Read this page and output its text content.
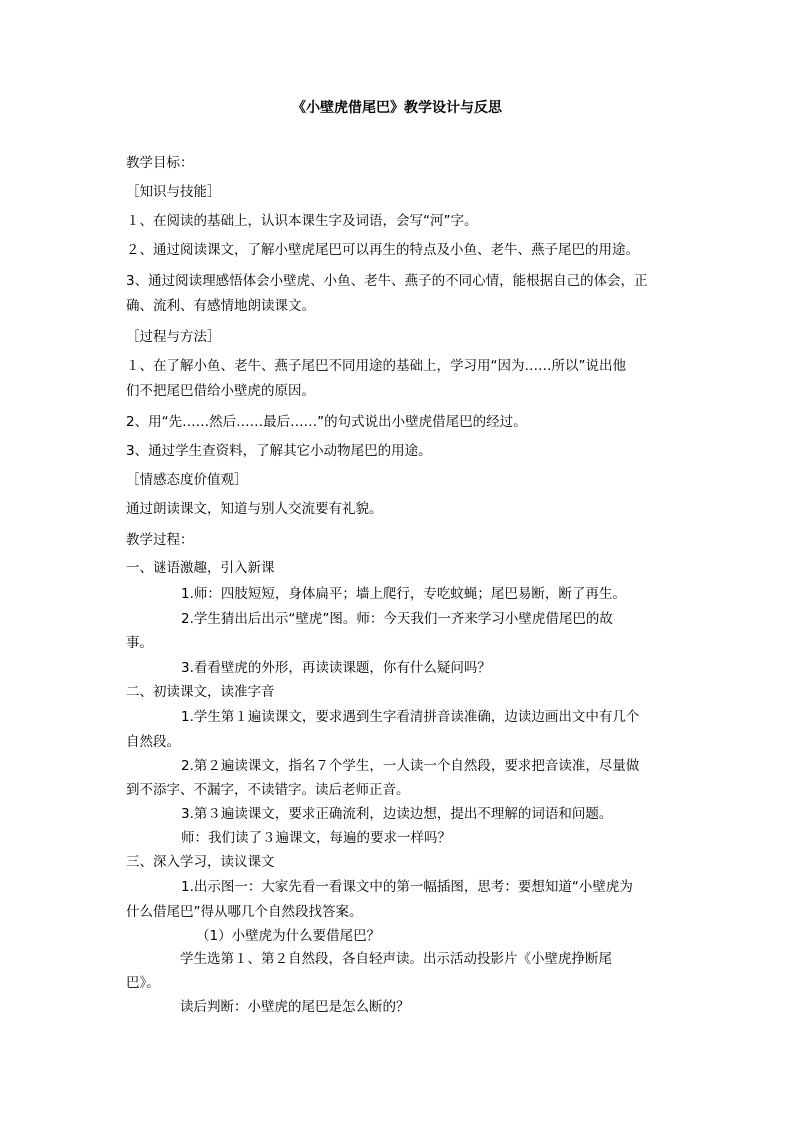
《小壁虎借尾巴》教学设计与反思
教学目标：
［知识与技能］
１、在阅读的基础上，认识本课生字及词语，会写“河”字。
２、通过阅读课文，了解小壁虎尾巴可以再生的特点及小鱼、老牛、燕子尾巴的用途。
3、通过阅读理感悟体会小壁虎、小鱼、老牛、燕子的不同心情，能根据自己的体会，正
确、流利、有感情地朗读课文。
［过程与方法］
１、在了解小鱼、老牛、燕子尾巴不同用途的基础上，学习用“因为……所以”说出他
们不把尾巴借给小壁虎的原因。
2、用“先……然后……最后……”的句式说出小壁虎借尾巴的经过。
3、通过学生查资料，了解其它小动物尾巴的用途。
［情感态度价值观］
通过朗读课文，知道与别人交流要有礼貌。
教学过程：
一、谜语激趣，引入新课
1.师：四肢短短，身体扁平；墙上爬行，专吃蚊蝇；尾巴易断，断了再生。
2.学生猜出后出示“壁虎”图。师：今天我们一齐来学习小壁虎借尾巴的故
事。
3.看看壁虎的外形，再读读课题，你有什么疑问吗？
二、初读课文，读准字音
1.学生第１遍读课文，要求遇到生字看清拼音读准确，边读边画出文中有几个
自然段。
2.第２遍读课文，指名７个学生，一人读一个自然段，要求把音读准，尽量做
到不添字、不漏字，不读错字。读后老师正音。
3.第３遍读课文，要求正确流利，边读边想，提出不理解的词语和问题。
师：我们读了３遍课文，每遍的要求一样吗？
三、深入学习，读议课文
1.出示图一：大家先看一看课文中的第一幅插图，思考：要想知道“小壁虎为
什么借尾巴”得从哪几个自然段找答案。
（1）小壁虎为什么要借尾巴？
学生选第１、第２自然段，各自轻声读。出示活动投影片《小壁虎挣断尾
巴》。
读后判断：小壁虎的尾巴是怎么断的？
